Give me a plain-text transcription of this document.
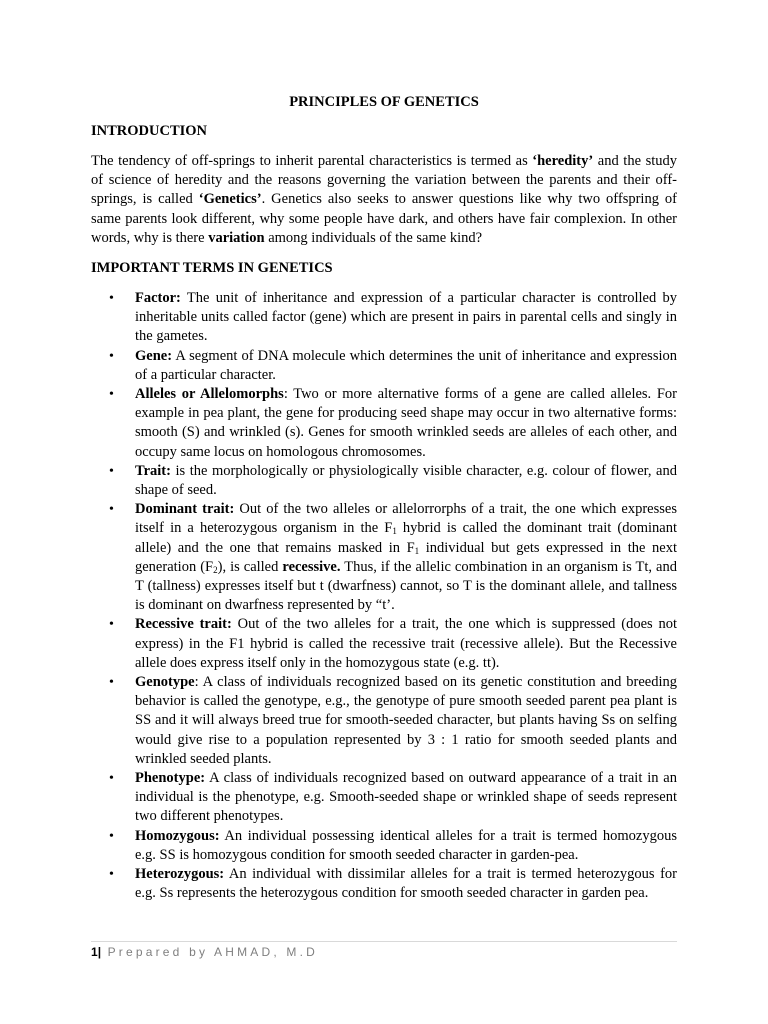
PRINCIPLES OF GENETICS
INTRODUCTION

The tendency of off-springs to inherit parental characteristics is termed as ‘heredity’ and the study of science of heredity and the reasons governing the variation between the parents and their off-springs, is called ‘Genetics’. Genetics also seeks to answer questions like why two offspring of same parents look different, why some people have dark, and others have fair complexion. In other words, why is there variation among individuals of the same kind?

IMPORTANT TERMS IN GENETICS
• Factor: The unit of inheritance and expression of a particular character is controlled by inheritable units called factor (gene) which are present in pairs in parental cells and singly in the gametes.
• Gene: A segment of DNA molecule which determines the unit of inheritance and expression of a particular character.
• Alleles or Allelomorphs: Two or more alternative forms of a gene are called alleles. For example in pea plant, the gene for producing seed shape may occur in two alternative forms: smooth (S) and wrinkled (s). Genes for smooth wrinkled seeds are alleles of each other, and occupy same locus on homologous chromosomes.
• Trait: is the morphologically or physiologically visible character, e.g. colour of flower, and shape of seed.
• Dominant trait: Out of the two alleles or allelorrorphs of a trait, the one which expresses itself in a heterozygous organism in the $F_1$ hybrid is called the dominant trait (dominant allele) and the one that remains masked in $F_1$ individual but gets expressed in the next generation $(F_2)$, is called recessive. Thus, if the allelic combination in an organism is Tt, and T (tallness) expresses itself but t (dwarfness) cannot, so T is the dominant allele, and tallness is dominant on dwarfness represented by “t’.
• Recessive trait: Out of the two alleles for a trait, the one which is suppressed (does not express) in the F1 hybrid is called the recessive trait (recessive allele). But the Recessive allele does express itself only in the homozygous state (e.g. tt).
• Genotype: A class of individuals recognized based on its genetic constitution and breeding behavior is called the genotype, e.g., the genotype of pure smooth seeded parent pea plant is SS and it will always breed true for smooth-seeded character, but plants having Ss on selfing would give rise to a population represented by 3 : 1 ratio for smooth seeded plants and wrinkled seeded plants.
• Phenotype: A class of individuals recognized based on outward appearance of a trait in an individual is the phenotype, e.g. Smooth-seeded shape or wrinkled shape of seeds represent two different phenotypes.
• Homozygous: An individual possessing identical alleles for a trait is termed homozygous e.g. SS is homozygous condition for smooth seeded character in garden-pea.
• Heterozygous: An individual with dissimilar alleles for a trait is termed heterozygous for e.g. Ss represents the heterozygous condition for smooth seeded character in garden pea.
1| Prepared by AHMAD, M.D
